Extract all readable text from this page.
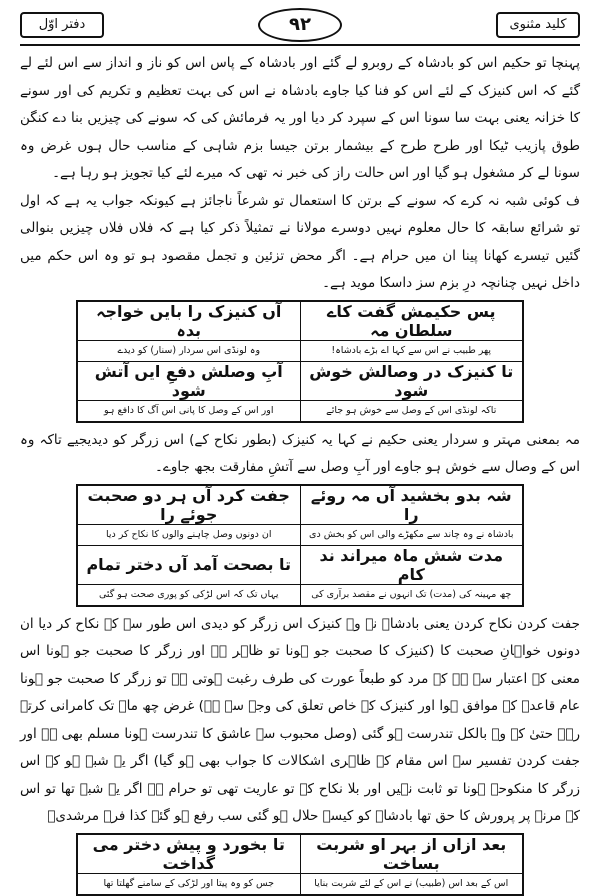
کلید مثنوی
۹۲
دفتر اوّل

پہنچا تو حکیم اس کو بادشاہ کے روبرو لے گئے اور بادشاہ کے پاس اس کو ناز و انداز سے اس لئے لے گئے کہ اس کنیزک کے لئے اس کو فنا کیا جاوے بادشاہ نے اس کی بہت تعظیم و تکریم کی اور سونے کا خزانہ یعنی بہت سا سونا اس کے سپرد کر دیا اور یہ فرمائش کی کہ سونے کی چیزیں بنا دے کنگن طوق پازیب ٹیکا اور طرح طرح کے بیشمار برتن جیسا بزم شاہی کے مناسب حال ہوں غرض وہ سونا لے کر مشغول ہو گیا اور اس حالت راز کی خبر نہ تھی کہ میرے لئے کیا تجویز ہو رہا ہے۔

ف کوئی شبہ نہ کرے کہ سونے کے برتن کا استعمال تو شرعاً ناجائز ہے کیونکہ جواب یہ ہے کہ اول تو شرائع سابقہ کا حال معلوم نہیں دوسرے مولانا نے تمثیلاً ذکر کیا ہے کہ فلاں فلاں چیزیں بنوالی گئیں تیسرے کھانا پینا ان میں حرام ہے۔ اگر محض تزئین و تجمل مقصود ہو تو وہ اس حکم میں داخل نہیں چنانچہ درِ بزم سز داسکا موید ہے۔

پس حکیمش گفت کاے سلطان مہ	آں کنیزک را بایں خواجہ بدہ
پھر طبیب نے اس سے کہا اے بڑے بادشاہ!	وہ لونڈی اس سردار (سنار) کو دیدے
تا کنیزک در وصالش خوش شود	آبِ وصلش دفعِ ایں آتش شود
تاکہ لونڈی اس کے وصل سے خوش ہو جائے	اور اس کے وصل کا پانی اس آگ کا دافع ہو

مہ بمعنی مہتر و سردار یعنی حکیم نے کہا یہ کنیزک (بطور نکاح کے) اس زرگر کو دیدیجیے تاکہ وہ اس کے وصال سے خوش ہو جاوے اور آبِ وصل سے آتشِ مفارقت بجھ جاوے۔

شہ بدو بخشید آں مہ روئے را	جفت کرد آں ہر دو صحبت جوئے را
بادشاہ نے وہ چاند سے مکھڑے والی اس کو بخش دی	ان دونوں وصل چاہنے والوں کا نکاح کر دیا
مدت شش ماہ میراند ند کام	تا بصحت آمد آں دختر تمام
چھ مہینہ کی (مدت) تک انہوں نے مقصد برآری کی	یہاں تک کہ اس لڑکی کو پوری صحت ہو گئی

جفت کردن نکاح کردن یعنی بادشاہ نے وہ کنیزک اس زرگر کو دیدی اس طور سے کہ نکاح کر دیا ان دونوں خواہانِ صحبت کا (کنیزک کا صحبت جو ہونا تو ظاہر ہے اور زرگر کا صحبت جو ہونا اس معنی کے اعتبار سے ہے کہ مرد کو طبعاً عورت کی طرف رغبت ہوتی ہے تو زرگر کا صحبت جو ہونا عام قاعدہ کے موافق ہوا اور کنیزک کے خاص تعلق کی وجہ سے ہے) غرض چھ ماہ تک کامرانی کرتے رہے حتیٰ کہ وہ بالکل تندرست ہو گئی (وصل محبوب سے عاشق کا تندرست ہونا مسلم بھی ہے اور جفت کردن تفسیر سے اس مقام کے ظاہری اشکالات کا جواب بھی ہو گیا) اگر یہ شبہ ہو کہ اس زرگر کا منکوحہ ہونا تو ثابت نہیں اور بلا نکاح کے تو عاریت تھی تو حرام ہے اگر یہ شبہ تھا تو اس کے مرنے پر پرورش کا حق تھا بادشاہ کو کیسے حلال ہو گئی سب رفع ہو گئے کذا فرہ مرشدیؒ

بعد ازاں از بہر او شربت بساخت	تا بخورد و پیش دختر می گداخت
اس کے بعد اس (طبیب) نے اس کے لئے شربت بنایا	جس کو وہ پیتا اور لڑکی کے سامنے گھلتا تھا
